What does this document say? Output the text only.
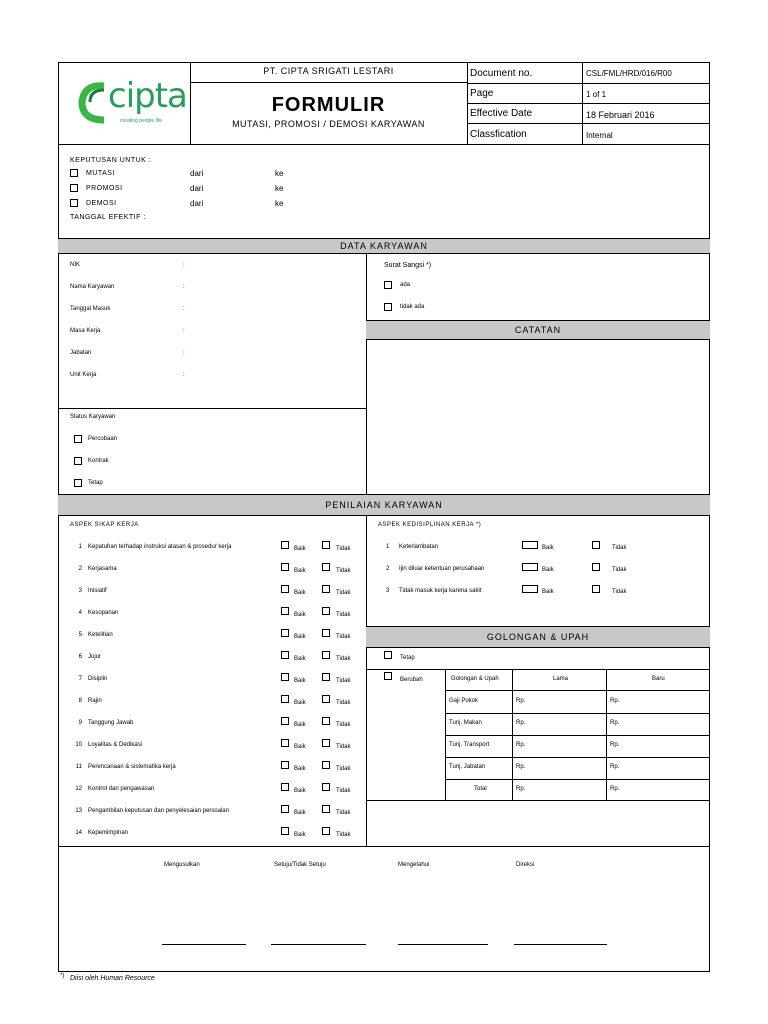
cipta
creating people life
PT. CIPTA SRIGATI LESTARI
FORMULIR
MUTASI, PROMOSI / DEMOSI KARYAWAN
Document no.	CSL/FML/HRD/016/R00
Page	1 of 1
Effective Date	18 Februari 2016
Classfication	Internal
KEPUTUSAN UNTUK :
MUTASI	dari	ke
PROMOSI	dari	ke
DEMOSI	dari	ke
TANGGAL EFEKTIF :
DATA KARYAWAN
NIK	:
Nama Karyawan	:
Tanggal Masuk	:
Masa Kerja	:
Jabatan	:
Unit Kerja	:
Surat Sangsi *)
ada
tidak ada
CATATAN
Status Karyawan
Percobaan
Kontrak
Tetap
PENILAIAN KARYAWAN
ASPEK SIKAP KERJA	ASPEK KEDISIPLINAN KERJA *)
1 Kepatuhan terhadap instruksi atasan & prosedur kerja	Baik	Tidak
2 Kerjasama	Baik	Tidak
3 Inisiatif	Baik	Tidak
4 Kesopanan	Baik	Tidak
5 Ketelitian	Baik	Tidak
6 Jujur	Baik	Tidak
7 Disiplin	Baik	Tidak
8 Rajin	Baik	Tidak
9 Tanggung Jawab	Baik	Tidak
10 Loyalitas & Dedikasi	Baik	Tidak
11 Perencanaan & sistematika kerja	Baik	Tidak
12 Kontrol dan pengawasan	Baik	Tidak
13 Pengambilan keputusan dan penyelesaian persoalan	Baik	Tidak
14 Kepemimpinan	Baik	Tidak
1 Keterlambatan	Baik	Tidak
2 Ijin diluar ketentuan perusahaan	Baik	Tidak
3 Tidak masuk kerja karena sakit	Baik	Tidak
GOLONGAN & UPAH
Tetap
Berubah	Golongan & Upah	Lama	Baru
Gaji Pokok	Rp.	Rp.
Tunj. Makan	Rp.	Rp.
Tunj. Transport	Rp.	Rp.
Tunj. Jabatan	Rp.	Rp.
Total	Rp.	Rp.
Mengusulkan	Setuju/Tidak Setuju	Mengetahui	Direksi
*) Diisi oleh Human Resource
